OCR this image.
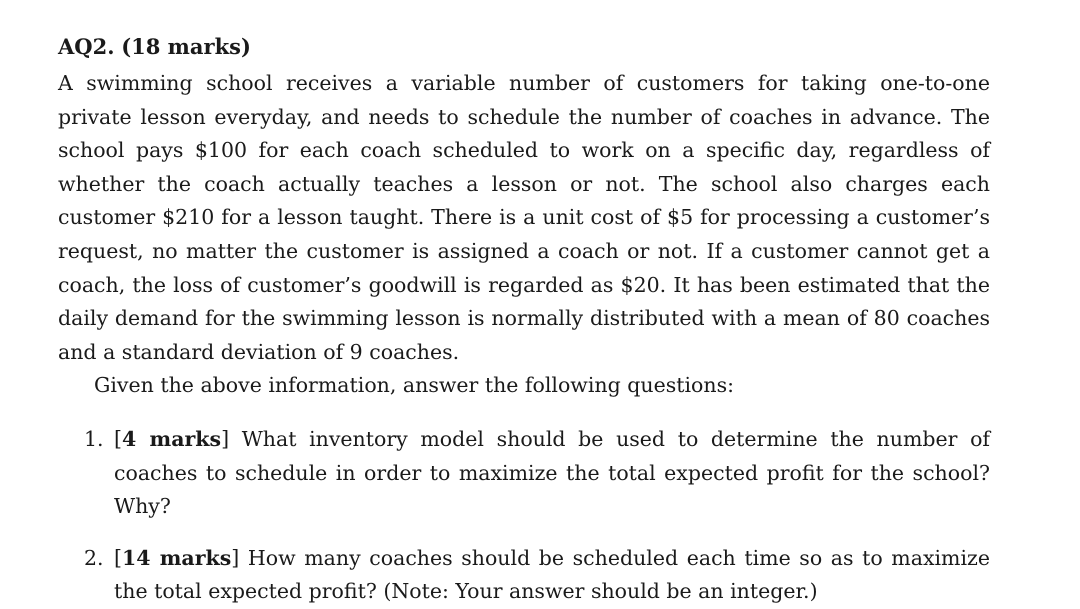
AQ2. (18 marks)

A swimming school receives a variable number of customers for taking one-to-one private lesson everyday, and needs to schedule the number of coaches in advance. The school pays $100 for each coach scheduled to work on a specific day, regardless of whether the coach actually teaches a lesson or not. The school also charges each customer $210 for a lesson taught. There is a unit cost of $5 for processing a customer’s request, no matter the customer is assigned a coach or not. If a customer cannot get a coach, the loss of customer’s goodwill is regarded as $20. It has been estimated that the daily demand for the swimming lesson is normally distributed with a mean of 80 coaches and a standard deviation of 9 coaches.

Given the above information, answer the following questions:

1. [4 marks] What inventory model should be used to determine the number of coaches to schedule in order to maximize the total expected profit for the school? Why?
2. [14 marks] How many coaches should be scheduled each time so as to maximize the total expected profit? (Note: Your answer should be an integer.)
